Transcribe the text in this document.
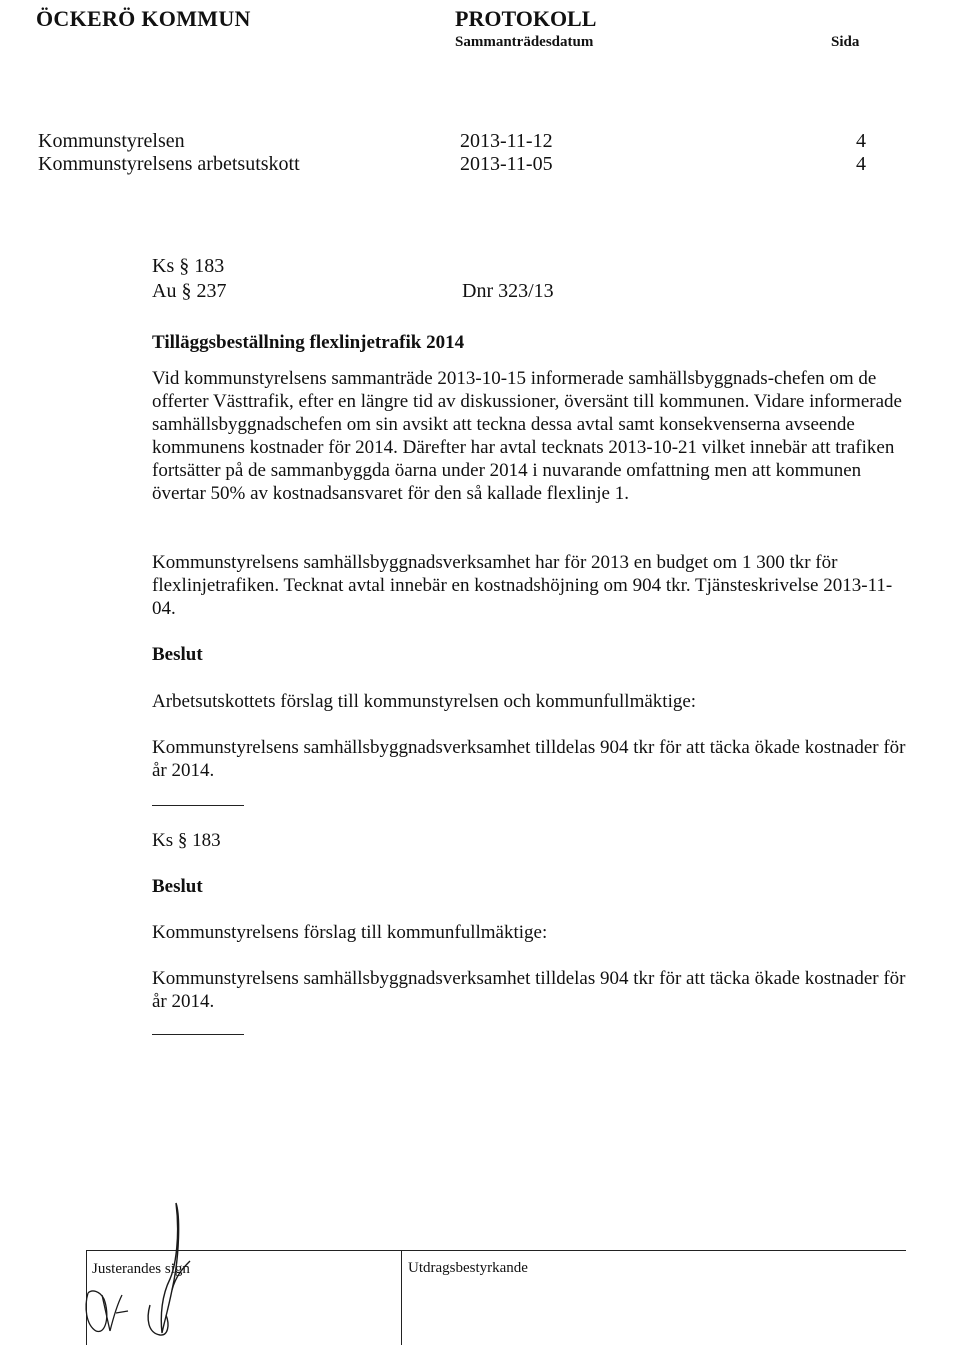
ÖCKERÖ KOMMUN	PROTOKOLL
Sammanträdesdatum	Sida
Kommunstyrelsen	2013-11-12	4
Kommunstyrelsens arbetsutskott	2013-11-05	4
Ks § 183
Au § 237	Dnr 323/13
Tilläggsbeställning flexlinjetrafik 2014
Vid kommunstyrelsens sammanträde 2013-10-15 informerade samhällsbyggnads-chefen om de offerter Västtrafik, efter en längre tid av diskussioner, översänt till kommunen. Vidare informerade samhällsbyggnadschefen om sin avsikt att teckna dessa avtal samt konsekvenserna avseende kommunens kostnader för 2014. Därefter har avtal tecknats 2013-10-21 vilket innebär att trafiken fortsätter på de sammanbyggda öarna under 2014 i nuvarande omfattning men att kommunen övertar 50% av kostnadsansvaret för den så kallade flexlinje 1.
Kommunstyrelsens samhällsbyggnadsverksamhet har för 2013 en budget om 1 300 tkr för flexlinjetrafiken. Tecknat avtal innebär en kostnadshöjning om 904 tkr. Tjänsteskrivelse 2013-11-04.
Beslut
Arbetsutskottets förslag till kommunstyrelsen och kommunfullmäktige:
Kommunstyrelsens samhällsbyggnadsverksamhet tilldelas 904 tkr för att täcka ökade kostnader för år 2014.
Ks § 183
Beslut
Kommunstyrelsens förslag till kommunfullmäktige:
Kommunstyrelsens samhällsbyggnadsverksamhet tilldelas 904 tkr för att täcka ökade kostnader för år 2014.
Justerandes sign	Utdragsbestyrkande
